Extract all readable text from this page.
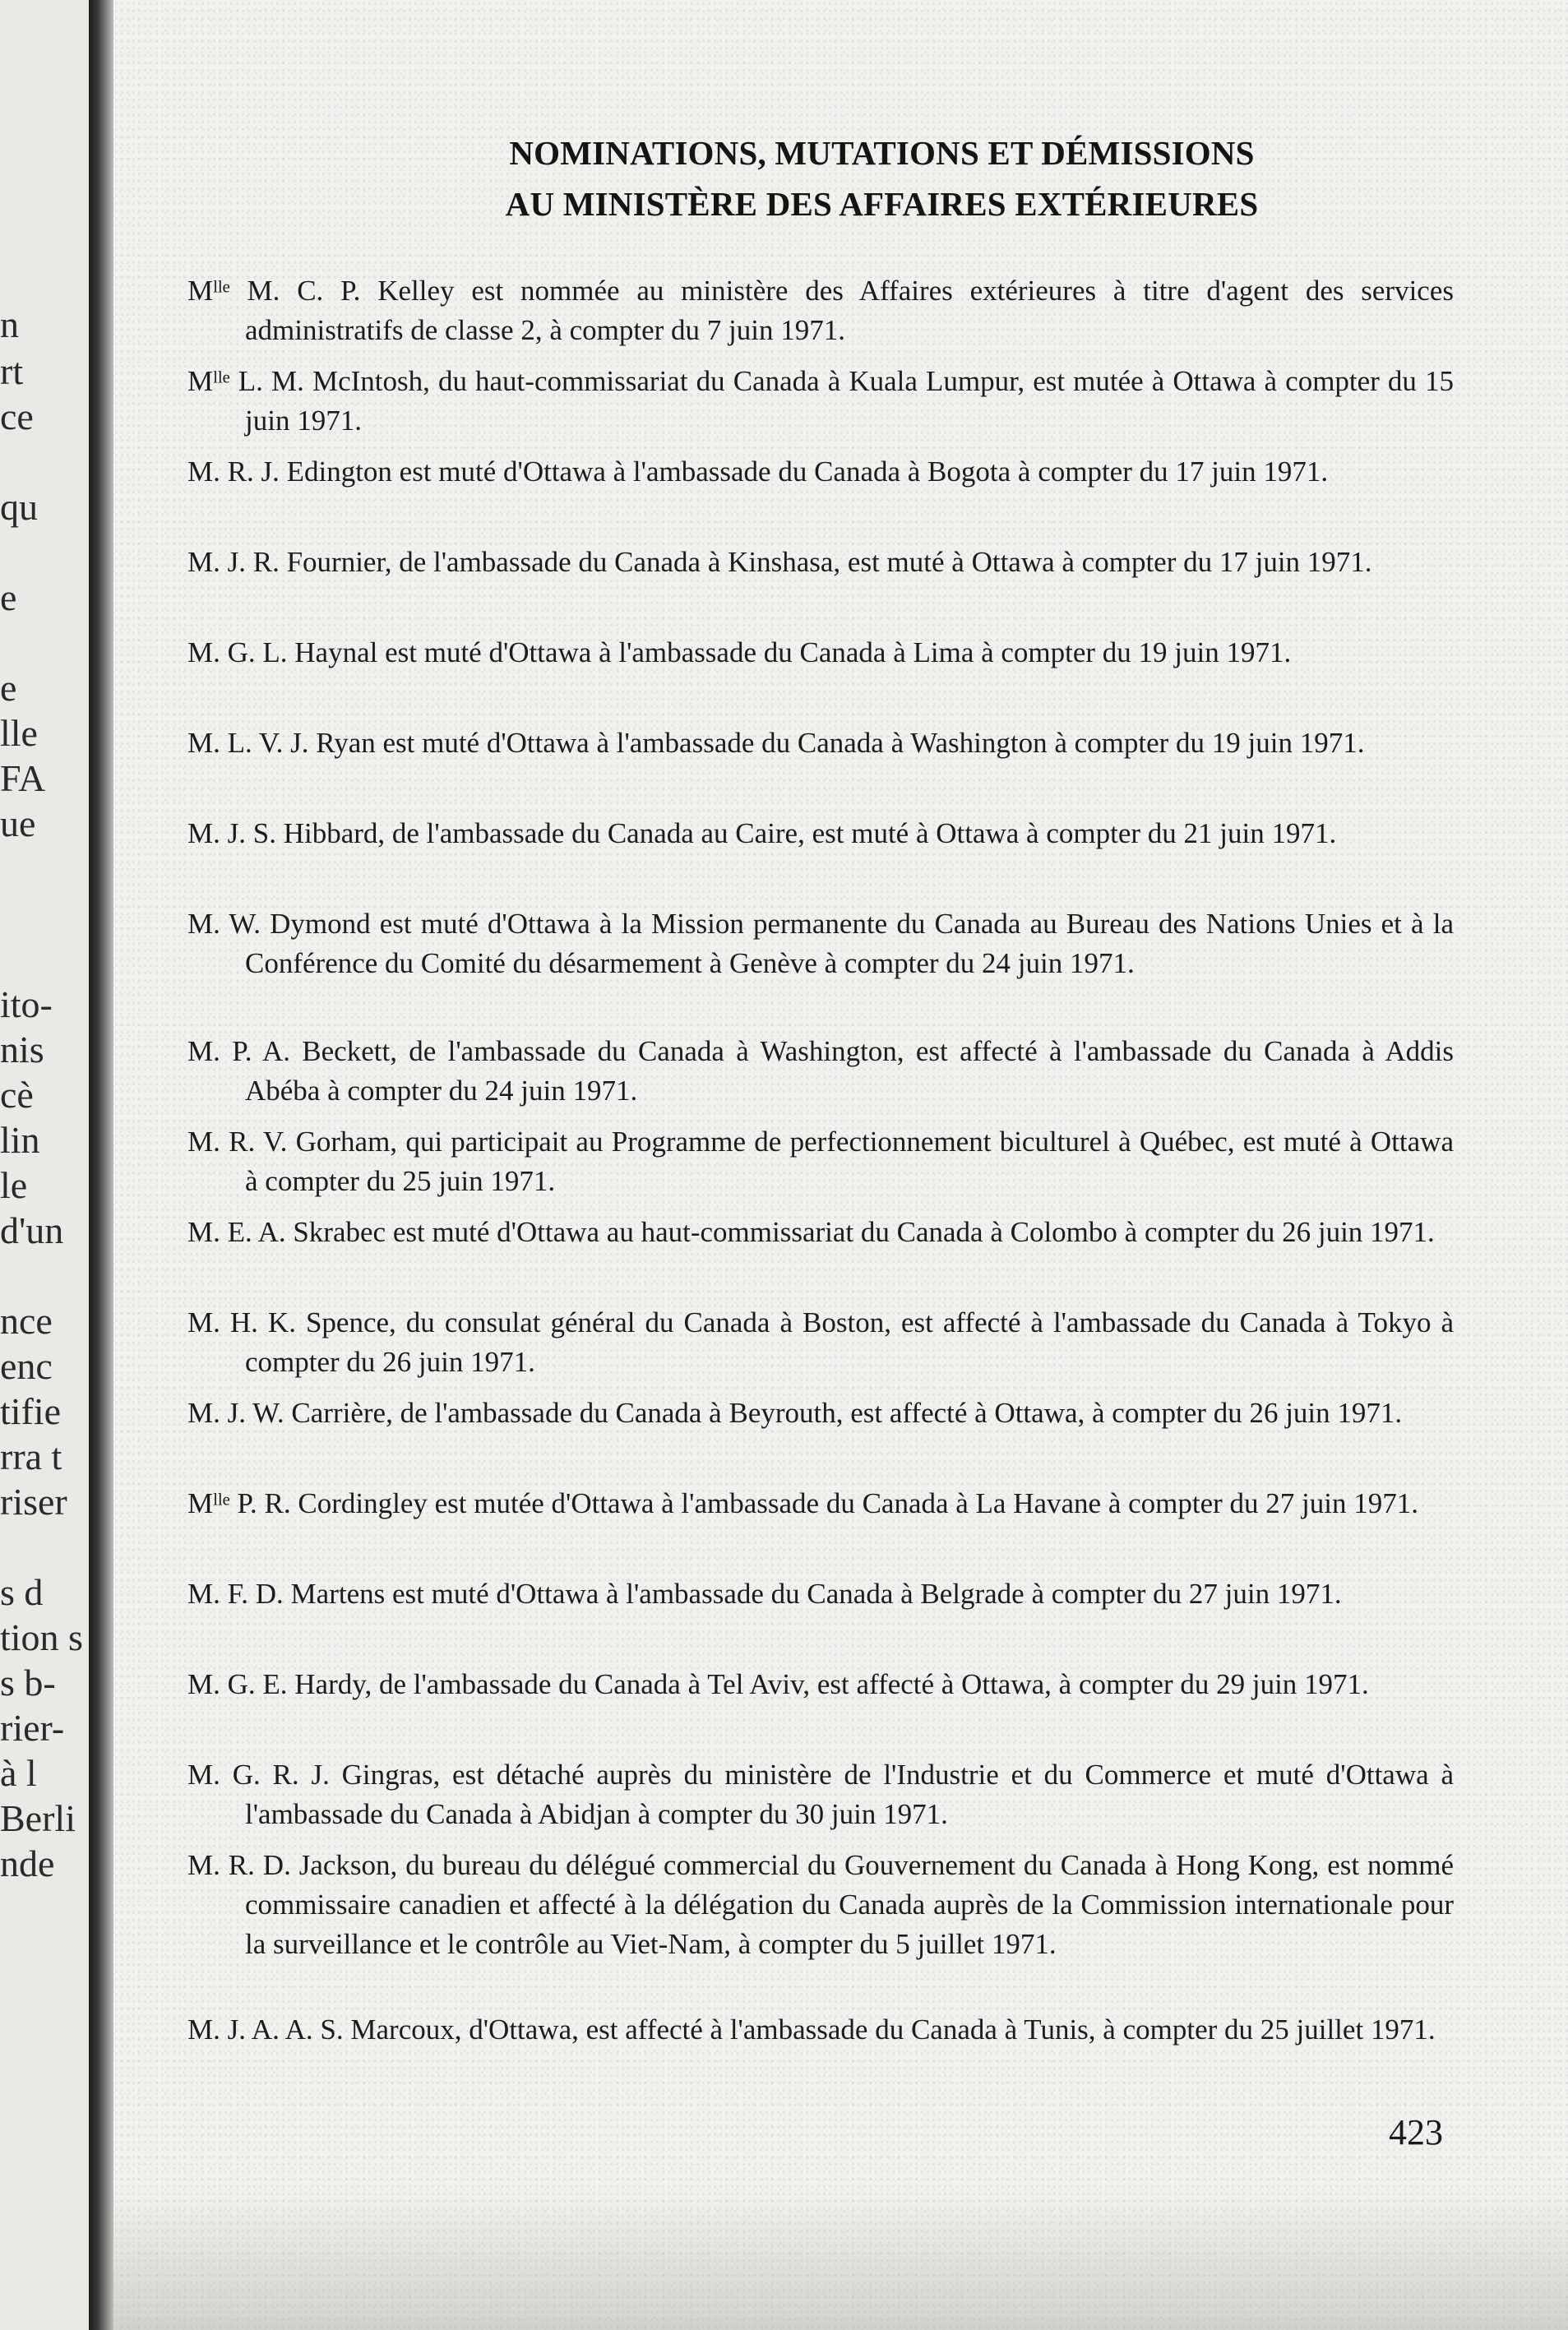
n
rt
ce
qu
e
e
lle
FA
ue
ito-
nis
cè
lin
le
d'un
nce
enc
tifie
rra t
riser
s d
tion s
s b-
rier-
à l
Berli
nde
NOMINATIONS, MUTATIONS ET DÉMISSIONS
AU MINISTÈRE DES AFFAIRES EXTÉRIEURES

Mˡˡᵉ M. C. P. Kelley est nommée au ministère des Affaires extérieures à titre d'agent des services administratifs de classe 2, à compter du 7 juin 1971.

Mˡˡᵉ L. M. McIntosh, du haut-commissariat du Canada à Kuala Lumpur, est mutée à Ottawa à compter du 15 juin 1971.

M. R. J. Edington est muté d'Ottawa à l'ambassade du Canada à Bogota à compter du 17 juin 1971.

M. J. R. Fournier, de l'ambassade du Canada à Kinshasa, est muté à Ottawa à compter du 17 juin 1971.

M. G. L. Haynal est muté d'Ottawa à l'ambassade du Canada à Lima à compter du 19 juin 1971.

M. L. V. J. Ryan est muté d'Ottawa à l'ambassade du Canada à Washington à compter du 19 juin 1971.

M. J. S. Hibbard, de l'ambassade du Canada au Caire, est muté à Ottawa à compter du 21 juin 1971.

M. W. Dymond est muté d'Ottawa à la Mission permanente du Canada au Bureau des Nations Unies et à la Conférence du Comité du désarmement à Genève à compter du 24 juin 1971.

M. P. A. Beckett, de l'ambassade du Canada à Washington, est affecté à l'ambassade du Canada à Addis Abéba à compter du 24 juin 1971.

M. R. V. Gorham, qui participait au Programme de perfectionnement biculturel à Québec, est muté à Ottawa à compter du 25 juin 1971.

M. E. A. Skrabec est muté d'Ottawa au haut-commissariat du Canada à Colombo à compter du 26 juin 1971.

M. H. K. Spence, du consulat général du Canada à Boston, est affecté à l'ambassade du Canada à Tokyo à compter du 26 juin 1971.

M. J. W. Carrière, de l'ambassade du Canada à Beyrouth, est affecté à Ottawa, à compter du 26 juin 1971.

Mˡˡᵉ P. R. Cordingley est mutée d'Ottawa à l'ambassade du Canada à La Havane à compter du 27 juin 1971.

M. F. D. Martens est muté d'Ottawa à l'ambassade du Canada à Belgrade à compter du 27 juin 1971.

M. G. E. Hardy, de l'ambassade du Canada à Tel Aviv, est affecté à Ottawa, à compter du 29 juin 1971.

M. G. R. J. Gingras, est détaché auprès du ministère de l'Industrie et du Commerce et muté d'Ottawa à l'ambassade du Canada à Abidjan à compter du 30 juin 1971.

M. R. D. Jackson, du bureau du délégué commercial du Gouvernement du Canada à Hong Kong, est nommé commissaire canadien et affecté à la délégation du Canada auprès de la Commission internationale pour la surveillance et le contrôle au Viet-Nam, à compter du 5 juillet 1971.

M. J. A. A. S. Marcoux, d'Ottawa, est affecté à l'ambassade du Canada à Tunis, à compter du 25 juillet 1971.

423
